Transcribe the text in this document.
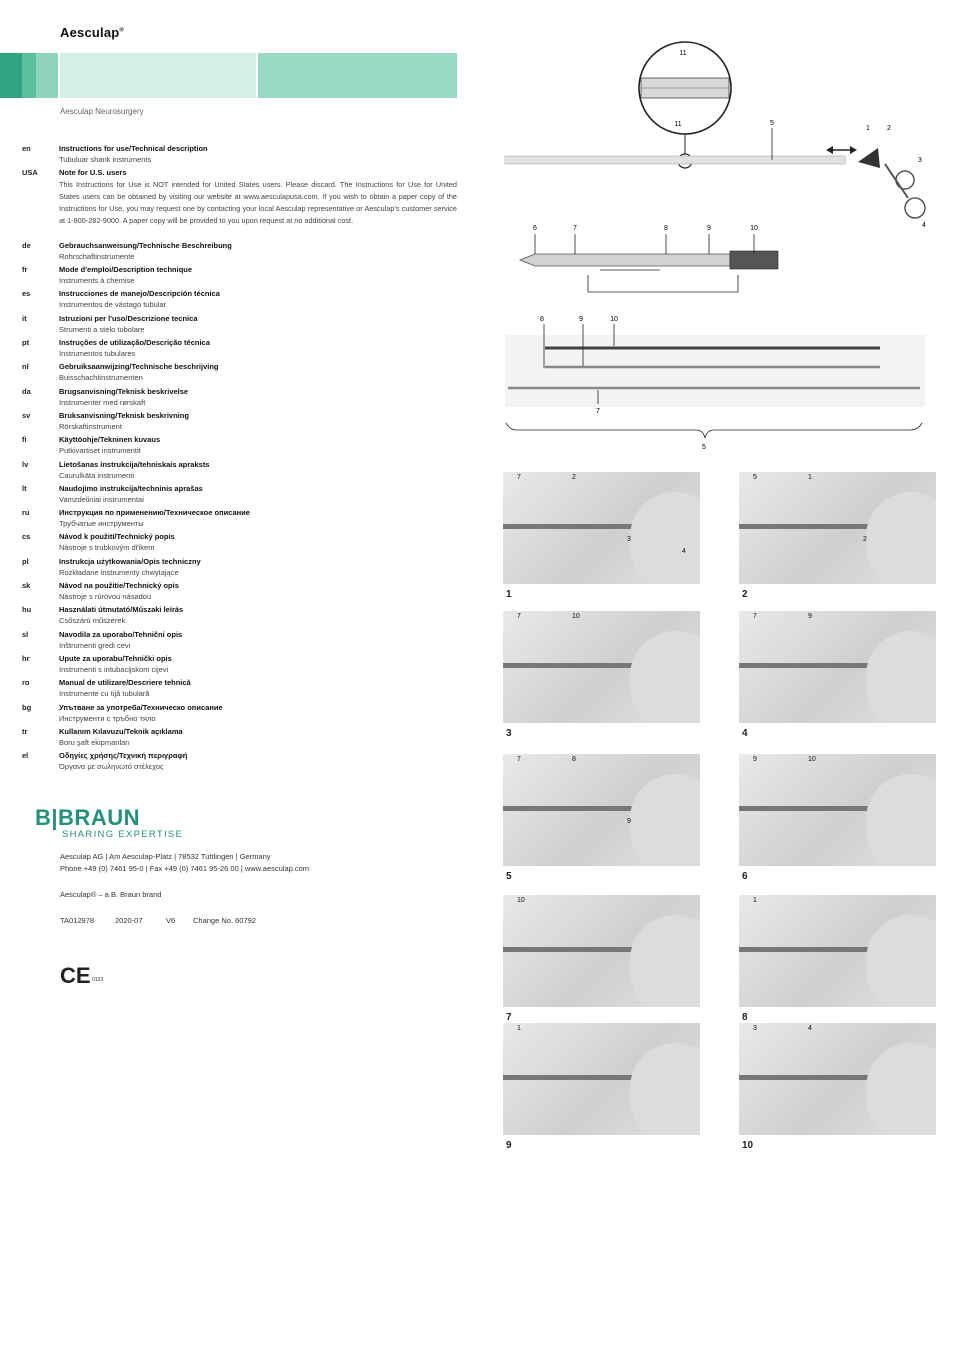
Aesculap®
Aesculap Neurosurgery
en	Instructions for use/Technical description
Tubuluar shank instruments
USA	Note for U.S. users
This Instructions for Use is NOT intended for United States users. Please discard. The Instructions for Use for United States users can be obtained by visiting our website at www.aesculapusa.com. If you wish to obtain a paper copy of the Instructions for Use, you may request one by contacting your local Aesculap representative or Aesculap's customer service at 1-800-282-9000. A paper copy will be provided to you upon request at no additional cost.
de	Gebrauchsanweisung/Technische Beschreibung
Rohrschaftinstrumente
fr	Mode d'emploi/Description technique
Instruments à chemise
es	Instrucciones de manejo/Descripción técnica
Instrumentos de vástago tubular
it	Istruzioni per l'uso/Descrizione tecnica
Strumenti a stelo tubolare
pt	Instruções de utilização/Descrição técnica
Instrumentos tubulares
nl	Gebruiksaanwijzing/Technische beschrijving
Buisschachtinstrumenten
da	Brugsanvisning/Teknisk beskrivelse
Instrumenter med rørskaft
sv	Bruksanvisning/Teknisk beskrivning
Rörskaftinstrument
fi	Käyttöohje/Tekninen kuvaus
Putkivartiset instrumentit
lv	Lietošanas instrukcija/tehniskais apraksts
Caurulkāta instrumenti
lt	Naudojimo instrukcija/techninis aprašas
Vamzdeliniai instrumentai
ru	Инструкция по применению/Техническое описание
Трубчатые инструменты
cs	Návod k použití/Technický popis
Nástroje s trubkovým dříkem
pl	Instrukcja użytkowania/Opis techniczny
Rozkładane instrumenty chwytające
sk	Návod na použitie/Technický opis
Nástroje s rúrovou násadou
hu	Használati útmutató/Műszaki leírás
Csőszárú műszerek
sl	Navodila za uporabo/Tehnični opis
Inštrumenti gredi cevi
hr	Upute za uporabu/Tehnički opis
Instrumenti s intubacijskom cijevi
ro	Manual de utilizare/Descriere tehnică
Instrumente cu tijă tubulară
bg	Упътване за употреба/Техническо описание
Инструменти с тръбно тяло
tr	Kullanım Kılavuzu/Teknik açıklama
Boru şaft ekipmanları
el	Οδηγίες χρήσης/Τεχνική περιγραφή
Όργανα με σωληνωτό στέλεχος
B|BRAUN
SHARING EXPERTISE
Aesculap AG | Am Aesculap-Platz | 78532 Tuttlingen | Germany
Phone +49 (0) 7461 95-0 | Fax +49 (0) 7461 95-26 00 | www.aesculap.com
Aesculap® – a B. Braun brand
TA012978	2020-07	V6 Change No. 60792
CE 0123
11
11	5
1 2
3
4
6	7	8	9	10
8	9	10
7
5
7	2
3
4
1
5	1
2
2
7	10
3
7	9
4
7	8
9
5
9	10
6
10
7
1
8
1
9
3	4
10
